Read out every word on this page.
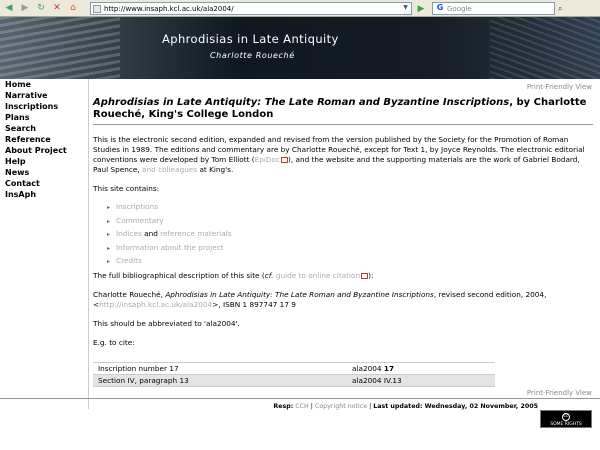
◀	▶ ↻ ✕	⌂	http://www.insaph.kcl.ac.uk/ala2004/	▼ ▶	G Google	⌕
Aphrodisias in Late Antiquity
Charlotte Roueché
Home
Narrative
Inscriptions
Plans
Search
Reference
About Project
Help
News
Contact
InsAph
Print-Friendly View
Aphrodisias in Late Antiquity: The Late Roman and Byzantine Inscriptions, by Charlotte Roueché, King's College London

This is the electronic second edition, expanded and revised from the version published by the Society for the Promotion of Roman Studies in 1989. The editions and commentary are by Charlotte Roueché, except for Text 1, by Joyce Reynolds. The electronic editorial conventions were developed by Tom Elliott (EpiDoc ), and the website and the supporting materials are the work of Gabriel Bodard, Paul Spence, and colleagues at King's.

This site contains:

▸ Inscriptions
▸ Commentary
▸ Indices and reference materials
▸ Information about the project
▸ Credits

The full bibliographical description of this site (cf. guide to online citation ):

Charlotte Roueché, Aphrodisias in Late Antiquity: The Late Roman and Byzantine Inscriptions, revised second edition, 2004, <http://insaph.kcl.ac.uk/ala2004>, ISBN 1 897747 17 9

This should be abbreviated to 'ala2004'.

E.g. to cite:

Inscription number 17	ala2004 17
Section IV, paragraph 13	ala2004 IV.13
Print-Friendly View
Resp: CCH | Copyright notice | Last updated: Wednesday, 02 November, 2005
cc
SOME RIGHTS RESERVED
